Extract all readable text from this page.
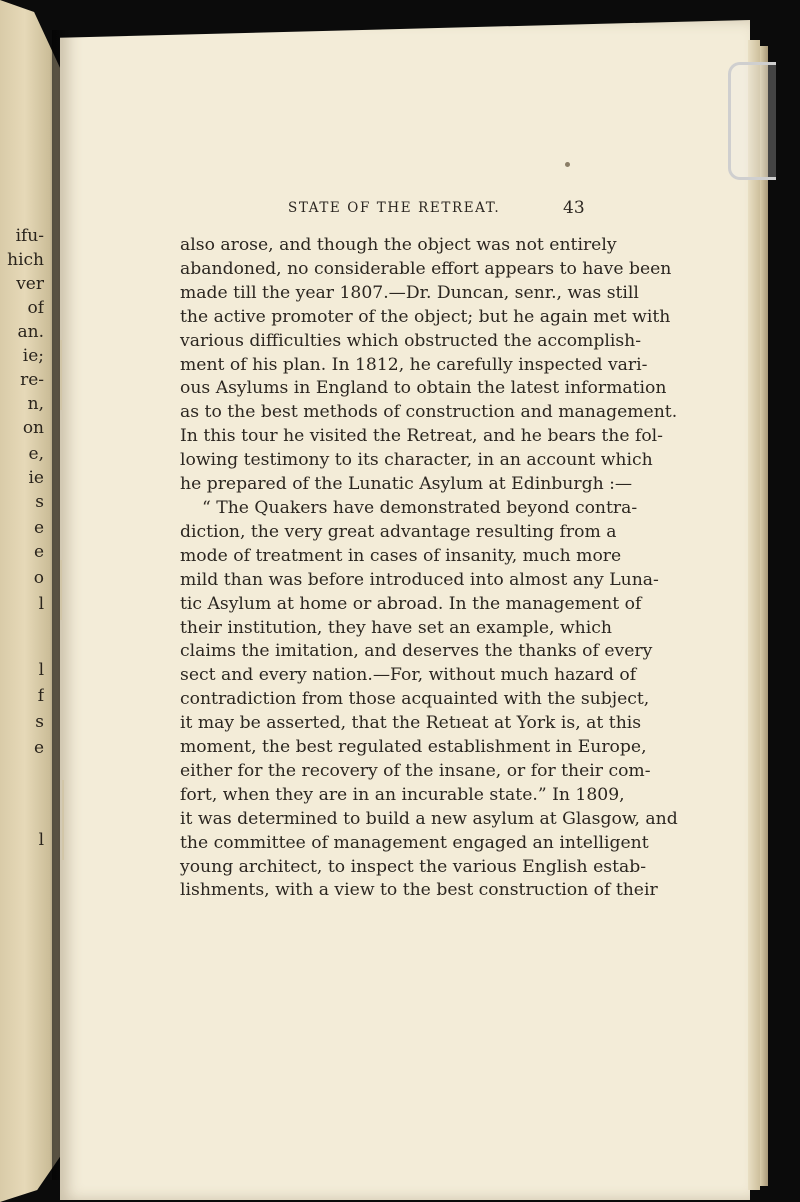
ifu-
hich
ver
of
an.
ie;
re-
n,
on
e,
ie
s
e
e
o
l
l
f
s
e
l
STATE OF THE RETREAT.	43
also arose, and though the object was not entirely
abandoned, no considerable effort appears to have been
made till the year 1807.—Dr. Duncan, senr., was still
the active promoter of the object; but he again met with
various difficulties which obstructed the accomplish-
ment of his plan. In 1812, he carefully inspected vari-
ous Asylums in England to obtain the latest information
as to the best methods of construction and management.
In this tour he visited the Retreat, and he bears the fol-
lowing testimony to its character, in an account which
he prepared of the Lunatic Asylum at Edinburgh :—
“ The Quakers have demonstrated beyond contra-
diction, the very great advantage resulting from a
mode of treatment in cases of insanity, much more
mild than was before introduced into almost any Luna-
tic Asylum at home or abroad. In the management of
their institution, they have set an example, which
claims the imitation, and deserves the thanks of every
sect and every nation.—For, without much hazard of
contradiction from those acquainted with the subject,
it may be asserted, that the Retıeat at York is, at this
moment, the best regulated establishment in Europe,
either for the recovery of the insane, or for their com-
fort, when they are in an incurable state.” In 1809,
it was determined to build a new asylum at Glasgow, and
the committee of management engaged an intelligent
young architect, to inspect the various English estab-
lishments, with a view to the best construction of their
